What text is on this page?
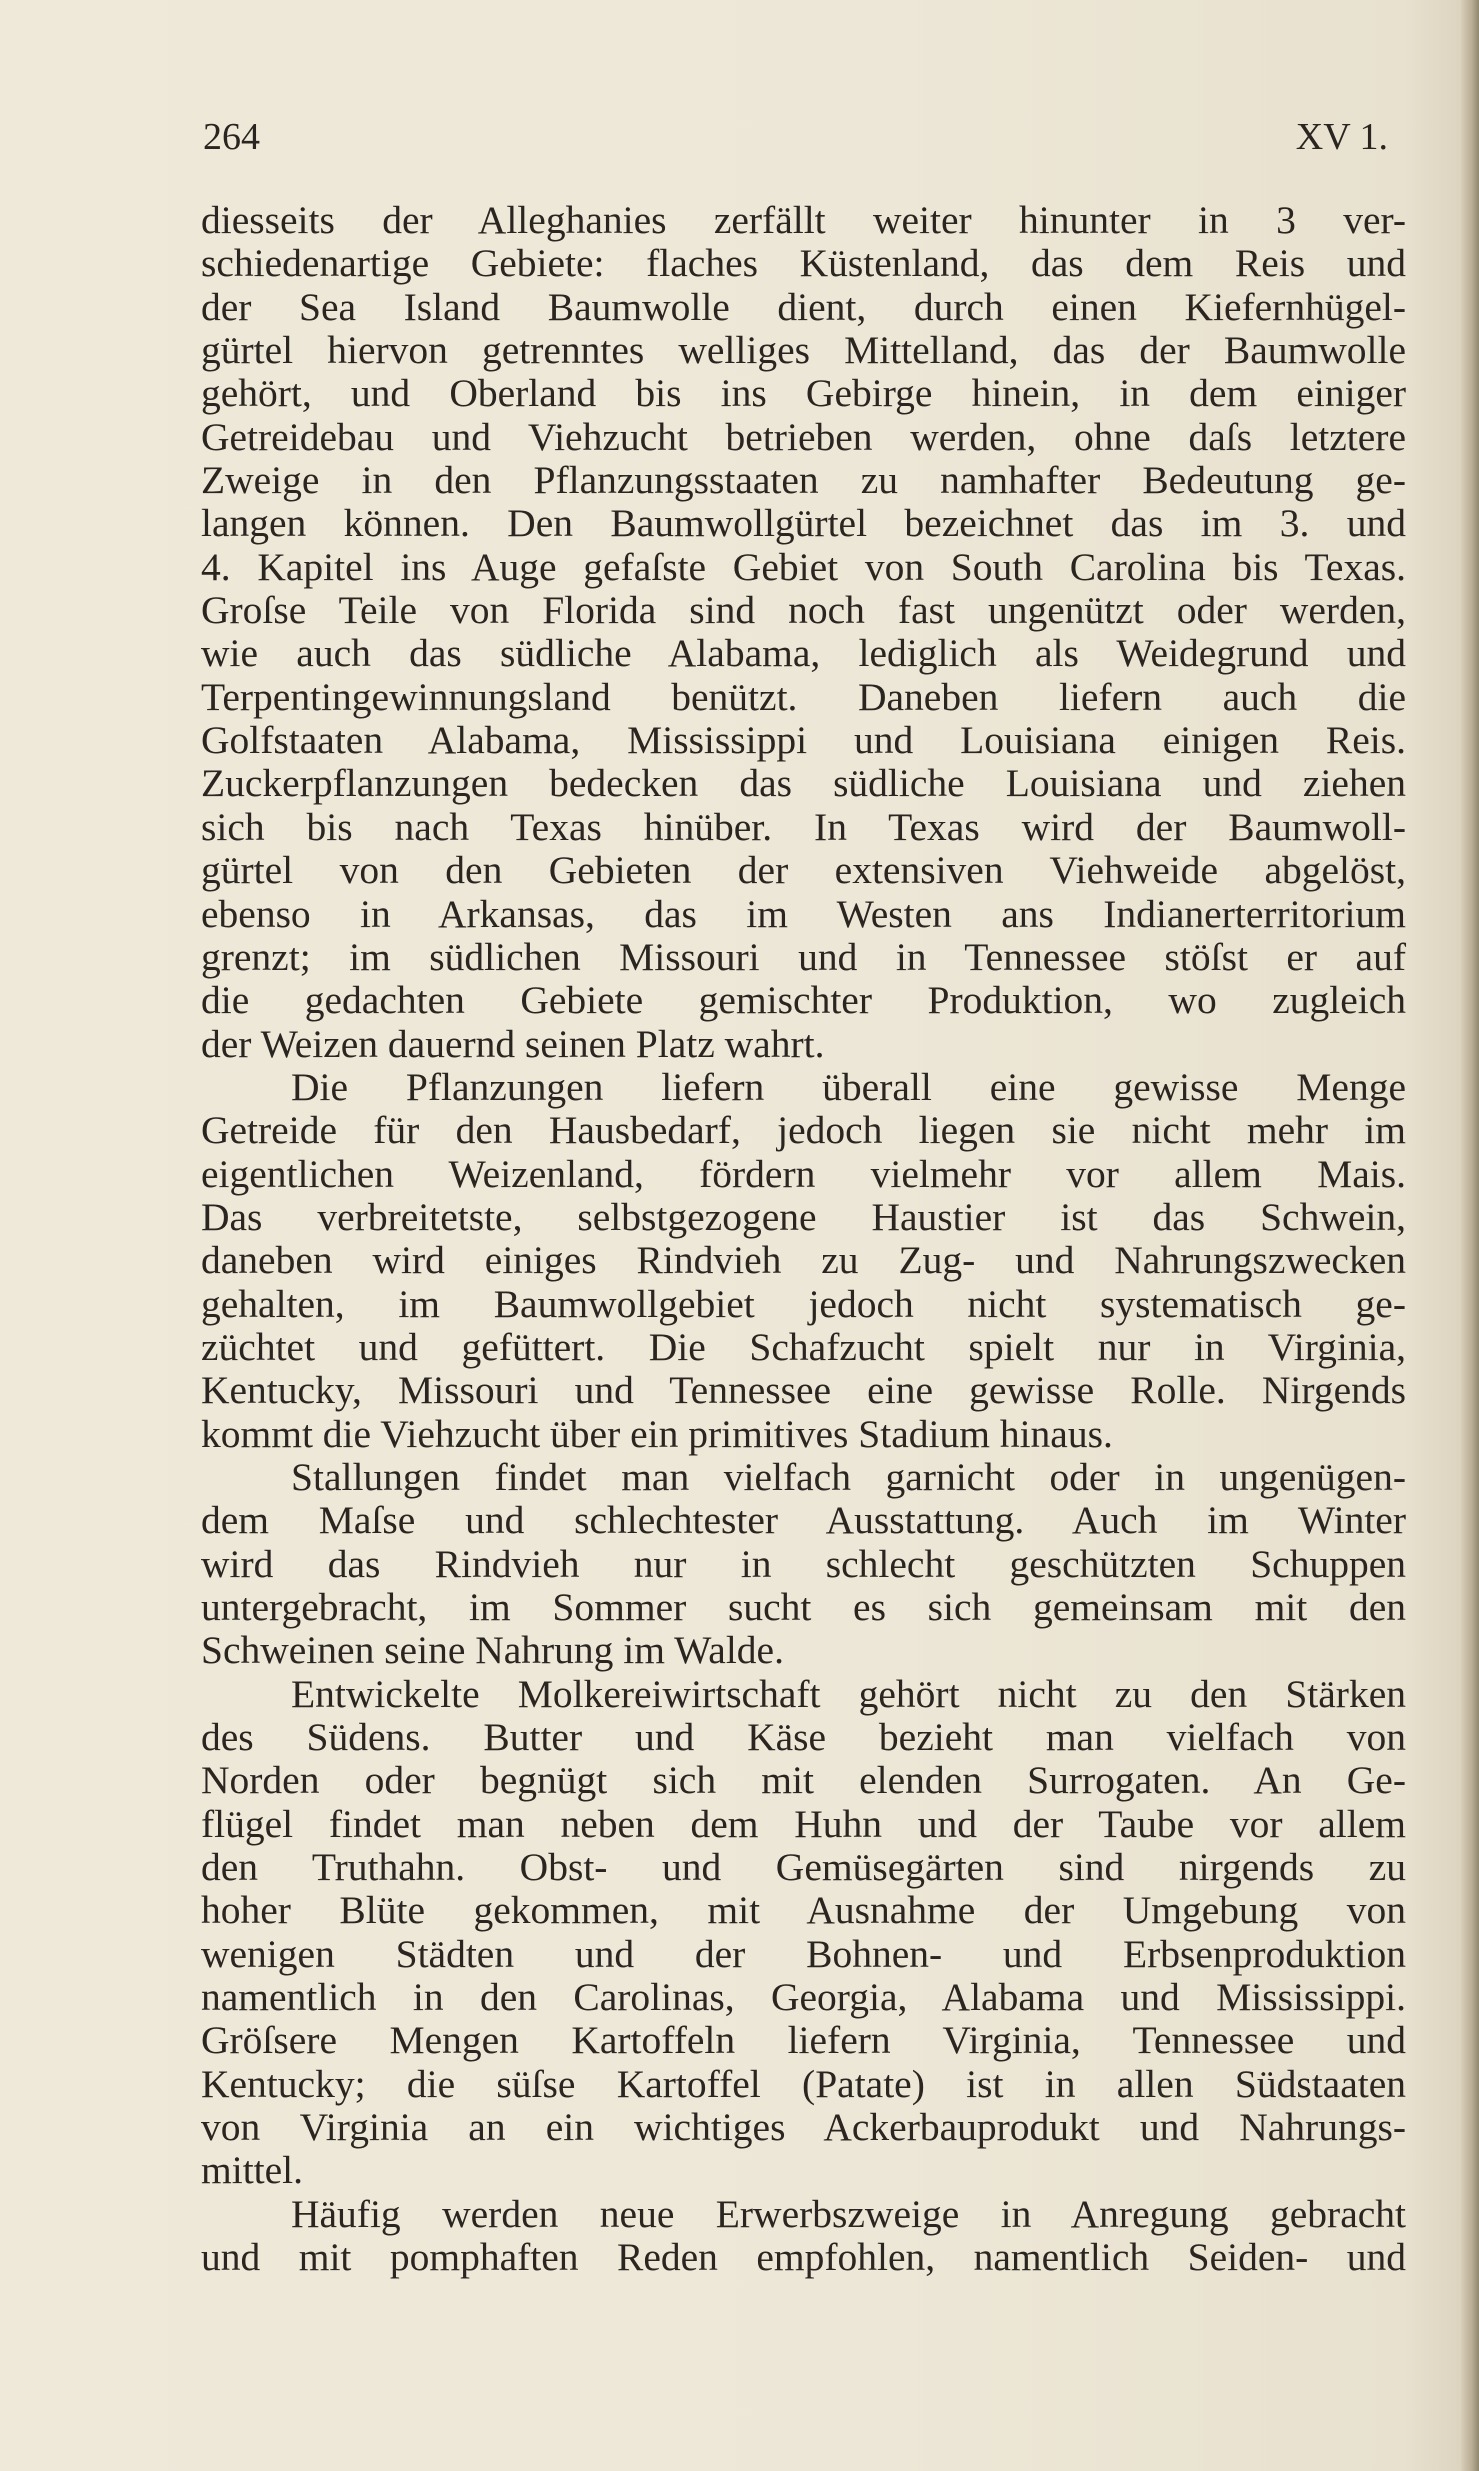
264	XV 1.
diesseits der Alleghanies zerfällt weiter hinunter in 3 ver-
schiedenartige Gebiete: flaches Küstenland, das dem Reis und
der Sea Island Baumwolle dient, durch einen Kiefernhügel-
gürtel hiervon getrenntes welliges Mittelland, das der Baumwolle
gehört, und Oberland bis ins Gebirge hinein, in dem einiger
Getreidebau und Viehzucht betrieben werden, ohne daſs letztere
Zweige in den Pflanzungsstaaten zu namhafter Bedeutung ge-
langen können. Den Baumwollgürtel bezeichnet das im 3. und
4. Kapitel ins Auge gefaſste Gebiet von South Carolina bis Texas.
Groſse Teile von Florida sind noch fast ungenützt oder werden,
wie auch das südliche Alabama, lediglich als Weidegrund und
Terpentingewinnungsland benützt. Daneben liefern auch die
Golfstaaten Alabama, Mississippi und Louisiana einigen Reis.
Zuckerpflanzungen bedecken das südliche Louisiana und ziehen
sich bis nach Texas hinüber. In Texas wird der Baumwoll-
gürtel von den Gebieten der extensiven Viehweide abgelöst,
ebenso in Arkansas, das im Westen ans Indianerterritorium
grenzt; im südlichen Missouri und in Tennessee stöſst er auf
die gedachten Gebiete gemischter Produktion, wo zugleich
der Weizen dauernd seinen Platz wahrt.
Die Pflanzungen liefern überall eine gewisse Menge
Getreide für den Hausbedarf, jedoch liegen sie nicht mehr im
eigentlichen Weizenland, fördern vielmehr vor allem Mais.
Das verbreitetste, selbstgezogene Haustier ist das Schwein,
daneben wird einiges Rindvieh zu Zug- und Nahrungszwecken
gehalten, im Baumwollgebiet jedoch nicht systematisch ge-
züchtet und gefüttert. Die Schafzucht spielt nur in Virginia,
Kentucky, Missouri und Tennessee eine gewisse Rolle. Nirgends
kommt die Viehzucht über ein primitives Stadium hinaus.
Stallungen findet man vielfach garnicht oder in ungenügen-
dem Maſse und schlechtester Ausstattung. Auch im Winter
wird das Rindvieh nur in schlecht geschützten Schuppen
untergebracht, im Sommer sucht es sich gemeinsam mit den
Schweinen seine Nahrung im Walde.
Entwickelte Molkereiwirtschaft gehört nicht zu den Stärken
des Südens. Butter und Käse bezieht man vielfach von
Norden oder begnügt sich mit elenden Surrogaten. An Ge-
flügel findet man neben dem Huhn und der Taube vor allem
den Truthahn. Obst- und Gemüsegärten sind nirgends zu
hoher Blüte gekommen, mit Ausnahme der Umgebung von
wenigen Städten und der Bohnen- und Erbsenproduktion
namentlich in den Carolinas, Georgia, Alabama und Mississippi.
Gröſsere Mengen Kartoffeln liefern Virginia, Tennessee und
Kentucky; die süſse Kartoffel (Patate) ist in allen Südstaaten
von Virginia an ein wichtiges Ackerbauprodukt und Nahrungs-
mittel.
Häufig werden neue Erwerbszweige in Anregung gebracht
und mit pomphaften Reden empfohlen, namentlich Seiden- und
